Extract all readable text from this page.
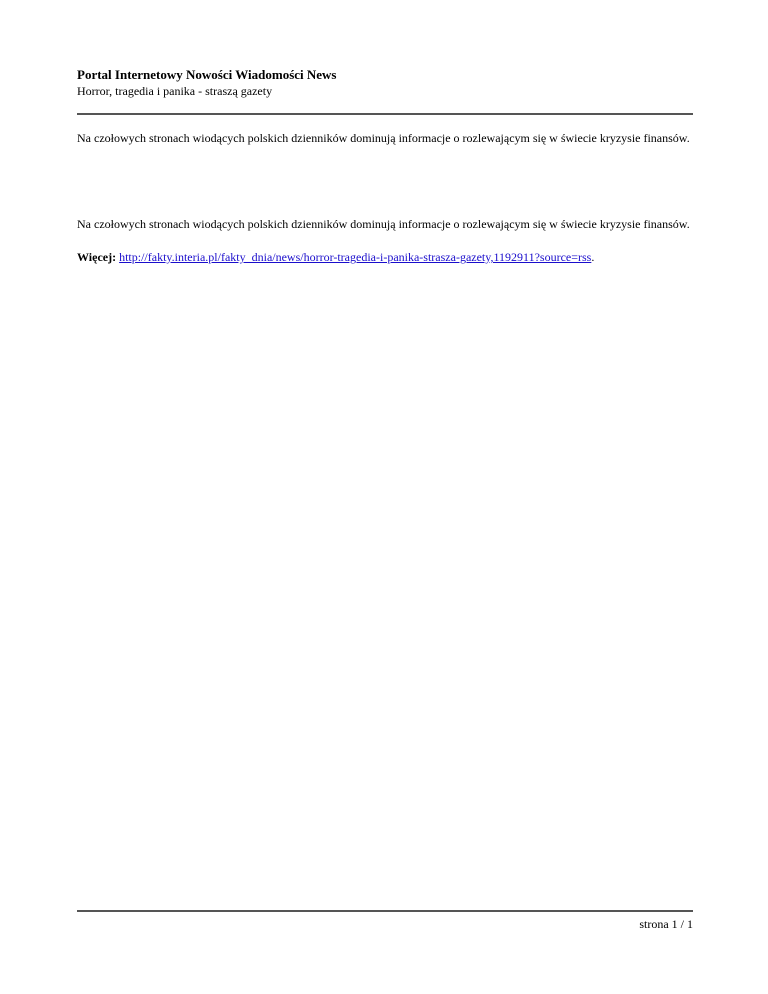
Portal Internetowy Nowości Wiadomości News

Horror, tragedia i panika - straszą gazety

Na czołowych stronach wiodących polskich dzienników dominują informacje o rozlewającym się w świecie kryzysie finansów.

Na czołowych stronach wiodących polskich dzienników dominują informacje o rozlewającym się w świecie kryzysie finansów.

Więcej: http://fakty.interia.pl/fakty_dnia/news/horror-tragedia-i-panika-strasza-gazety,1192911?source=rss.
strona 1 / 1
